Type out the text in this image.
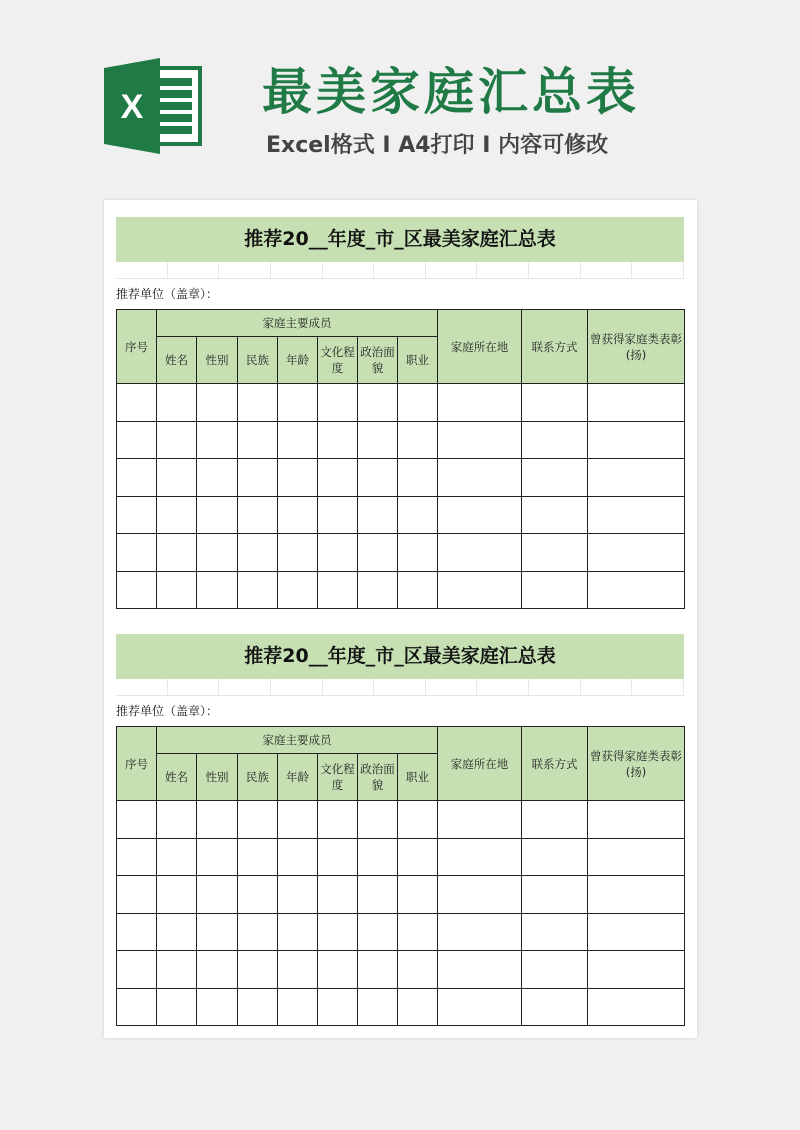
X 最美家庭汇总表
Excel格式 Ⅰ A4打印 Ⅰ 内容可修改
推荐20__年度_市_区最美家庭汇总表
推荐单位（盖章）：
序号	家庭主要成员							家庭所在地	联系方式	曾获得家庭类表彰(扬)
	姓名	性别	民族	年龄	文化程度	政治面貌	职业			

推荐20__年度_市_区最美家庭汇总表
推荐单位（盖章）：
序号	家庭主要成员							家庭所在地	联系方式	曾获得家庭类表彰(扬)
	姓名	性别	民族	年龄	文化程度	政治面貌	职业			
